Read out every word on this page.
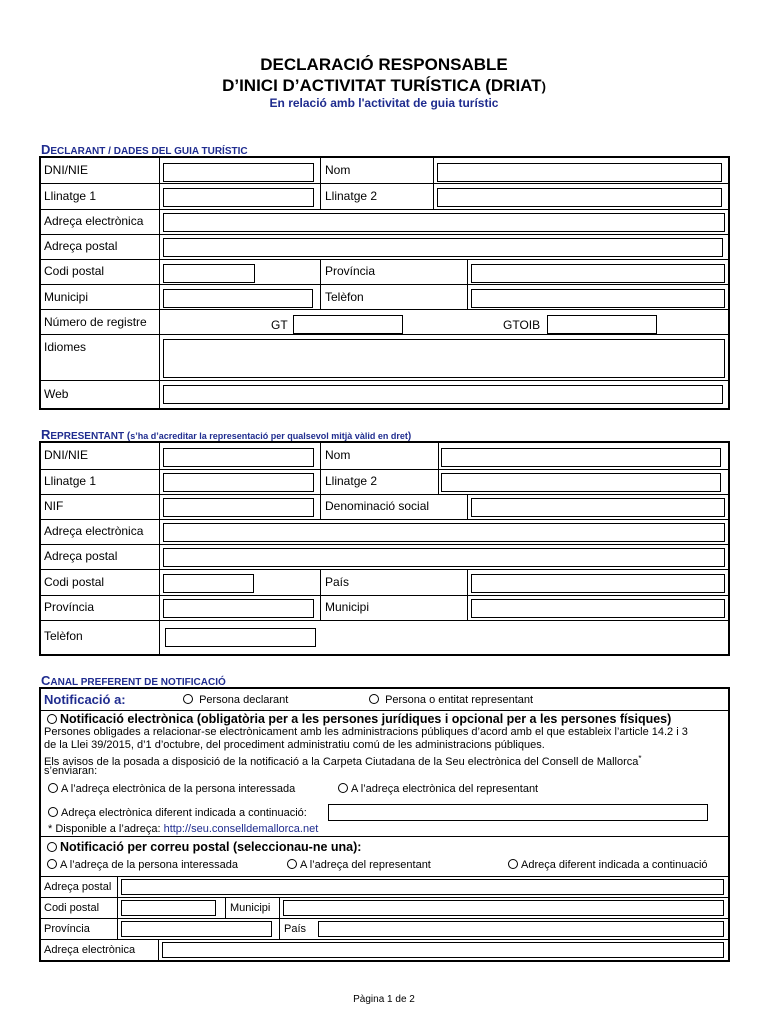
DECLARACIÓ RESPONSABLE
D’INICI D’ACTIVITAT TURÍSTICA (DRIAT)
En relació amb l'activitat de guia turístic
DECLARANT / DADES DEL GUIA TURÍSTIC
DNI/NIE	Nom
Llinatge 1	Llinatge 2
Adreça electrònica
Adreça postal
Codi postal	Província
Municipi	Telèfon
Número de registre	GT	GTOIB
Idiomes
Web
REPRESENTANT (s’ha d’acreditar la representació per qualsevol mitjà vàlid en dret)
DNI/NIE	Nom
Llinatge 1	Llinatge 2
NIF	Denominació social
Adreça electrònica
Adreça postal
Codi postal	País
Província	Municipi
Telèfon
CANAL PREFERENT DE NOTIFICACIÓ
Notificació a:	Persona declarant	Persona o entitat representant
Notificació electrònica (obligatòria per a les persones jurídiques i opcional per a les persones físiques)
Persones obligades a relacionar-se electrònicament amb les administracions públiques d’acord amb el que estableix l’article 14.2 i 3
de la Llei 39/2015, d’1 d’octubre, del procediment administratiu comú de les administracions públiques.
Els avisos de la posada a disposició de la notificació a la Carpeta Ciutadana de la Seu electrònica del Consell de Mallorca*
s’enviaran:
A l’adreça electrònica de la persona interessada	A l’adreça electrònica del representant
Adreça electrònica diferent indicada a continuació:
* Disponible a l’adreça: http://seu.conselldemallorca.net
Notificació per correu postal (seleccionau-ne una):
A l’adreça de la persona interessada	A l’adreça del representant	Adreça diferent indicada a continuació
Adreça postal
Codi postal	Municipi
Província	País
Adreça electrònica
Pàgina 1 de 2
